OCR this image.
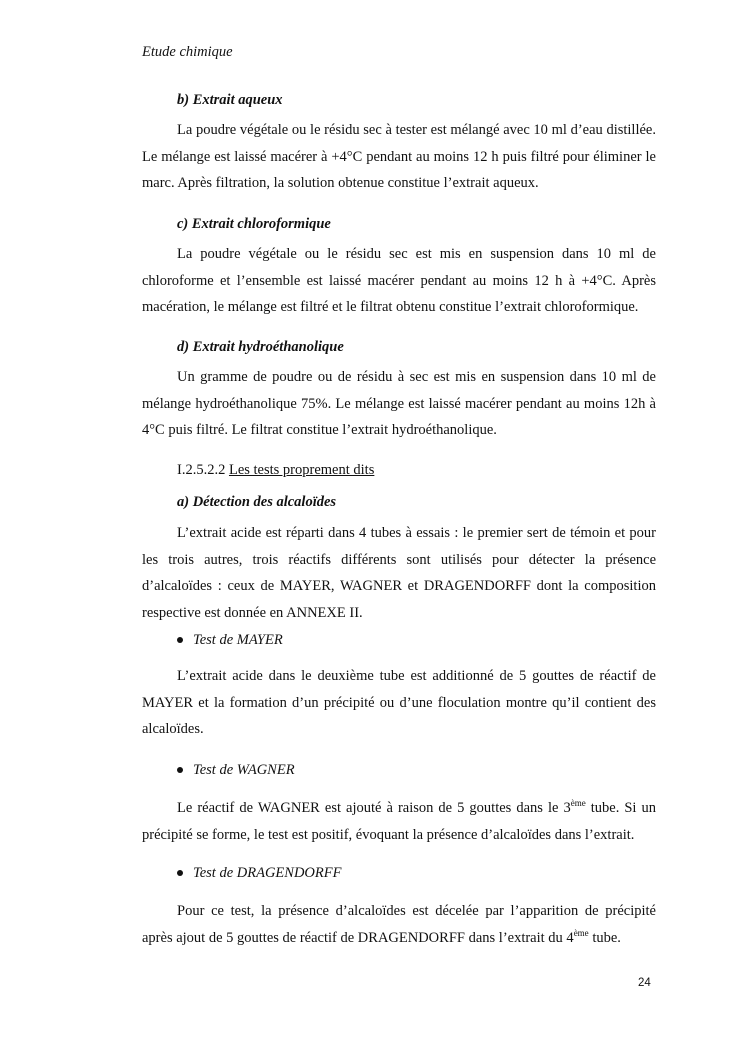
Etude chimique
b) Extrait aqueux

La poudre végétale ou le résidu sec à tester est mélangé avec 10 ml d’eau distillée. Le mélange est laissé macérer à +4°C pendant au moins 12 h puis filtré pour éliminer le marc. Après filtration, la solution obtenue constitue l’extrait aqueux.

c) Extrait chloroformique

La poudre végétale ou le résidu sec est mis en suspension dans 10 ml de chloroforme et l’ensemble est laissé macérer pendant au moins 12 h à +4°C. Après macération, le mélange est filtré et le filtrat obtenu constitue l’extrait chloroformique.

d) Extrait hydroéthanolique

Un gramme de poudre ou de résidu à sec est mis en suspension dans 10 ml de mélange hydroéthanolique 75%. Le mélange est laissé macérer pendant au moins 12h à 4°C puis filtré. Le filtrat constitue l’extrait hydroéthanolique.

I.2.5.2.2 Les tests proprement dits
a) Détection des alcaloïdes

L’extrait acide est réparti dans 4 tubes à essais : le premier sert de témoin et pour les trois autres, trois réactifs différents sont utilisés pour détecter la présence d’alcaloïdes : ceux de MAYER, WAGNER et DRAGENDORFF dont la composition respective est donnée en ANNEXE II.

Test de MAYER

L’extrait acide dans le deuxième tube est additionné de 5 gouttes de réactif de MAYER et la formation d’un précipité ou d’une floculation montre qu’il contient des alcaloïdes.

Test de WAGNER

Le réactif de WAGNER est ajouté à raison de 5 gouttes dans le 3ème tube. Si un précipité se forme, le test est positif, évoquant la présence d’alcaloïdes dans l’extrait.

Test de DRAGENDORFF

Pour ce test, la présence d’alcaloïdes est décelée par l’apparition de précipité après ajout de 5 gouttes de réactif de DRAGENDORFF dans l’extrait du 4ème tube.

24
